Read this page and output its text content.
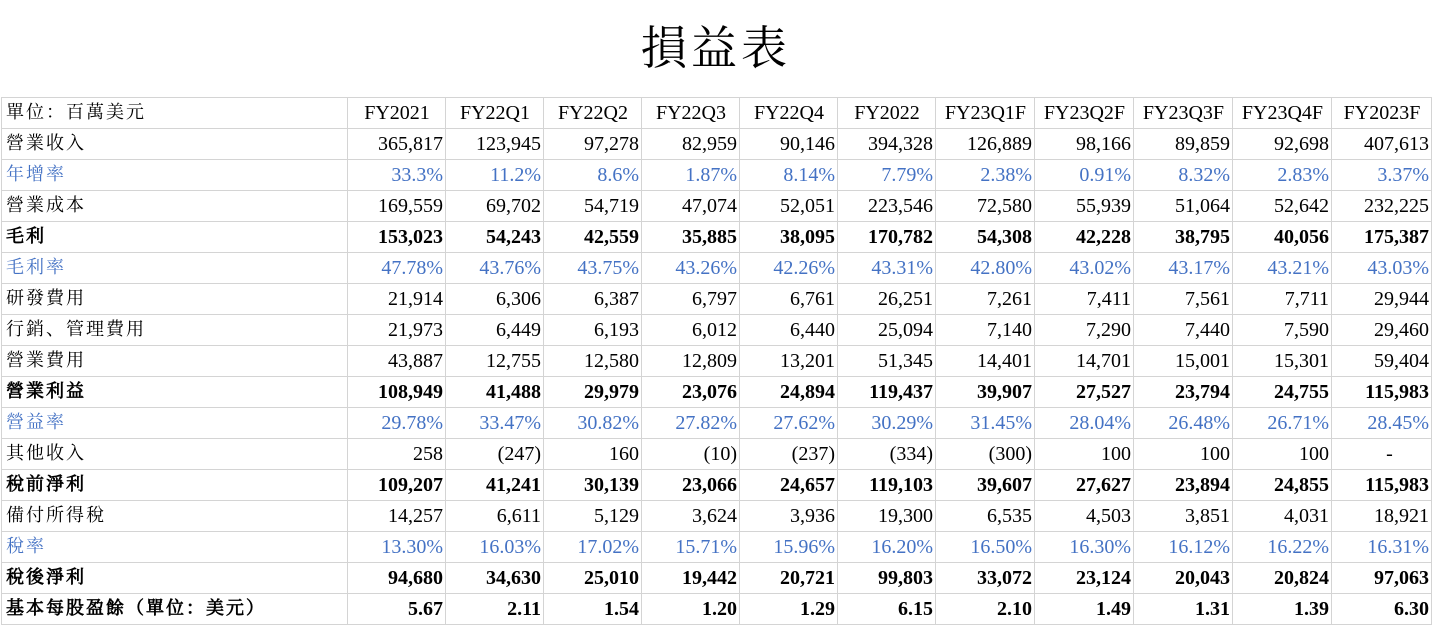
損益表
單位：百萬美元	FY2021	FY22Q1	FY22Q2	FY22Q3	FY22Q4	FY2022	FY23Q1F	FY23Q2F	FY23Q3F	FY23Q4F	FY2023F
營業收入	365,817	123,945	97,278	82,959	90,146	394,328	126,889	98,166	89,859	92,698	407,613
年增率	33.3%	11.2%	8.6%	1.87%	8.14%	7.79%	2.38%	0.91%	8.32%	2.83%	3.37%
營業成本	169,559	69,702	54,719	47,074	52,051	223,546	72,580	55,939	51,064	52,642	232,225
毛利	153,023	54,243	42,559	35,885	38,095	170,782	54,308	42,228	38,795	40,056	175,387
毛利率	47.78%	43.76%	43.75%	43.26%	42.26%	43.31%	42.80%	43.02%	43.17%	43.21%	43.03%
研發費用	21,914	6,306	6,387	6,797	6,761	26,251	7,261	7,411	7,561	7,711	29,944
行銷、管理費用	21,973	6,449	6,193	6,012	6,440	25,094	7,140	7,290	7,440	7,590	29,460
營業費用	43,887	12,755	12,580	12,809	13,201	51,345	14,401	14,701	15,001	15,301	59,404
營業利益	108,949	41,488	29,979	23,076	24,894	119,437	39,907	27,527	23,794	24,755	115,983
營益率	29.78%	33.47%	30.82%	27.82%	27.62%	30.29%	31.45%	28.04%	26.48%	26.71%	28.45%
其他收入	258	(247)	160	(10)	(237)	(334)	(300)	100	100	100	-
稅前淨利	109,207	41,241	30,139	23,066	24,657	119,103	39,607	27,627	23,894	24,855	115,983
備付所得稅	14,257	6,611	5,129	3,624	3,936	19,300	6,535	4,503	3,851	4,031	18,921
稅率	13.30%	16.03%	17.02%	15.71%	15.96%	16.20%	16.50%	16.30%	16.12%	16.22%	16.31%
稅後淨利	94,680	34,630	25,010	19,442	20,721	99,803	33,072	23,124	20,043	20,824	97,063
基本每股盈餘（單位：美元）	5.67	2.11	1.54	1.20	1.29	6.15	2.10	1.49	1.31	1.39	6.30
